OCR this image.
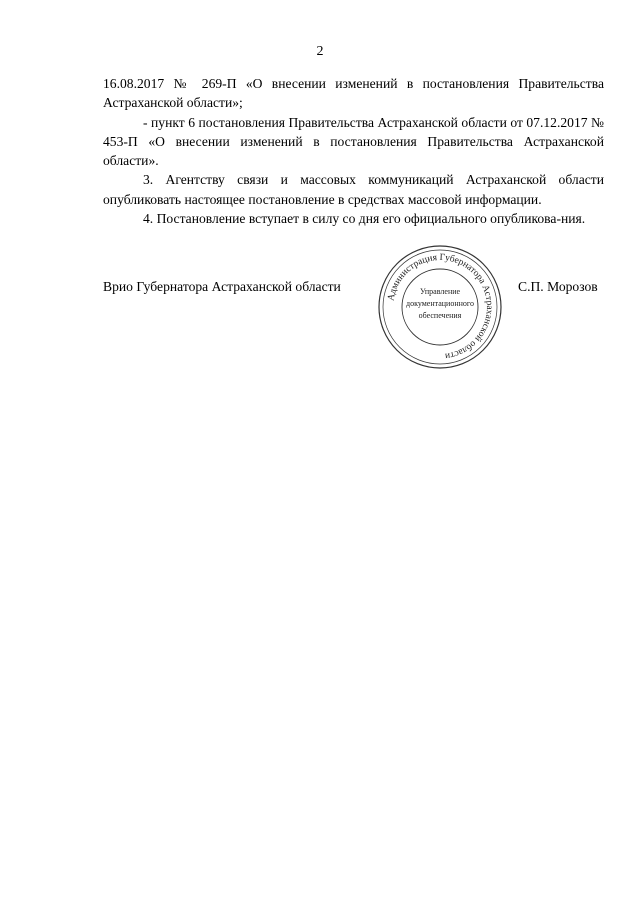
2

16.08.2017 № 269-П «О внесении изменений в постановления Правительства Астраханской области»;

- пункт 6 постановления Правительства Астраханской области от 07.12.2017 № 453-П «О внесении изменений в постановления Правительства Астраханской области».

3. Агентству связи и массовых коммуникаций Астраханской области опубликовать настоящее постановление в средствах массовой информации.

4. Постановление вступает в силу со дня его официального опубликова-ния.

Врио Губернатора Астраханской области	С.П. Морозов
Администрация Губернатора Астраханской области
Управление
документационного
обеспечения
